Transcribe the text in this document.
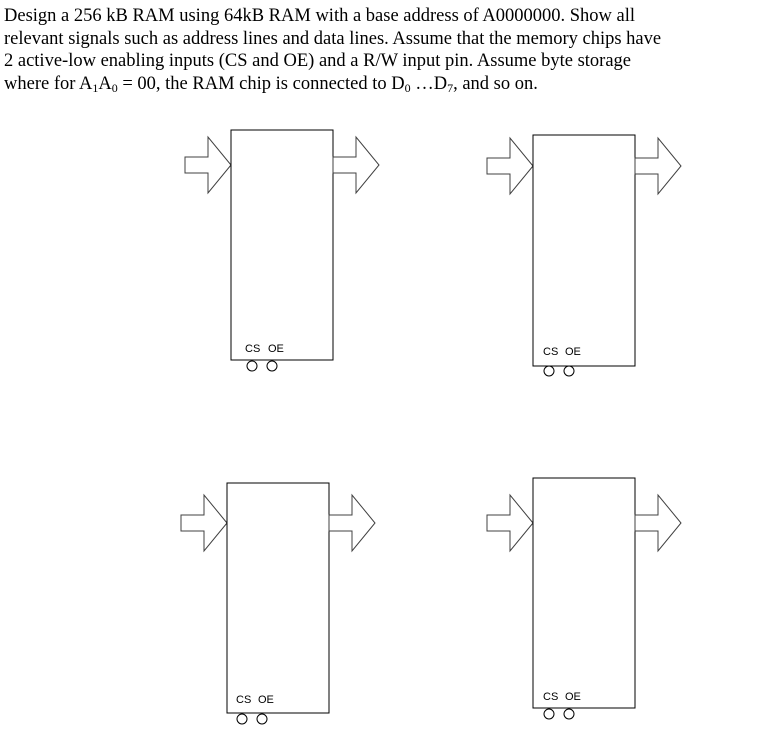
Design a 256 kB RAM using 64kB RAM with a base address of A0000000. Show all
relevant signals such as address lines and data lines. Assume that the memory chips have
2 active-low enabling inputs (CS and OE) and a R/W input pin. Assume byte storage
where for $A_1A_0 = 00$, the RAM chip is connected to $D_0$ $\dots D_7$, and so on.

CS OE	CS OE
CS OE	CS OE
